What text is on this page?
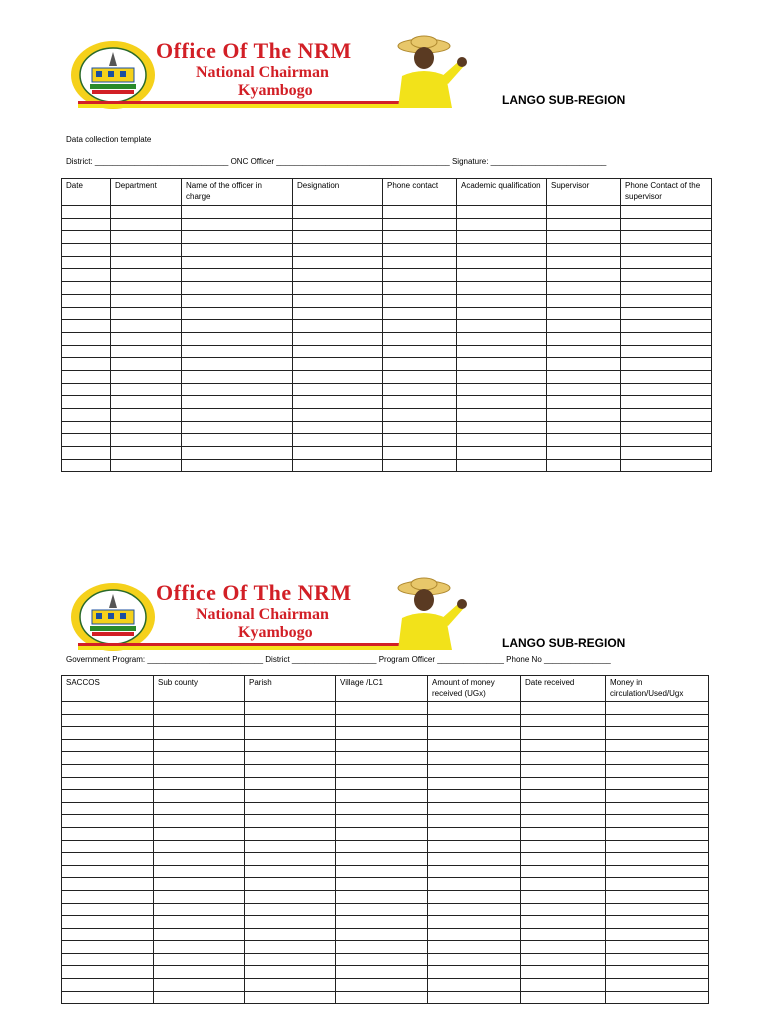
Office Of The NRM
National Chairman
Kyambogo
LANGO SUB-REGION
Data collection template
District: ______________________________ ONC Officer _______________________________________ Signature: __________________________
Date	Department	Name of the officer in charge	Designation	Phone contact	Academic qualification	Supervisor	Phone Contact of the supervisor

Office Of The NRM
National Chairman
Kyambogo
LANGO SUB-REGION
Government Program: __________________________ District ___________________ Program Officer _______________ Phone No _______________
SACCOS	Sub county	Parish	Village /LC1	Amount of money received (UGx)	Date received	Money in circulation/Used/Ugx
